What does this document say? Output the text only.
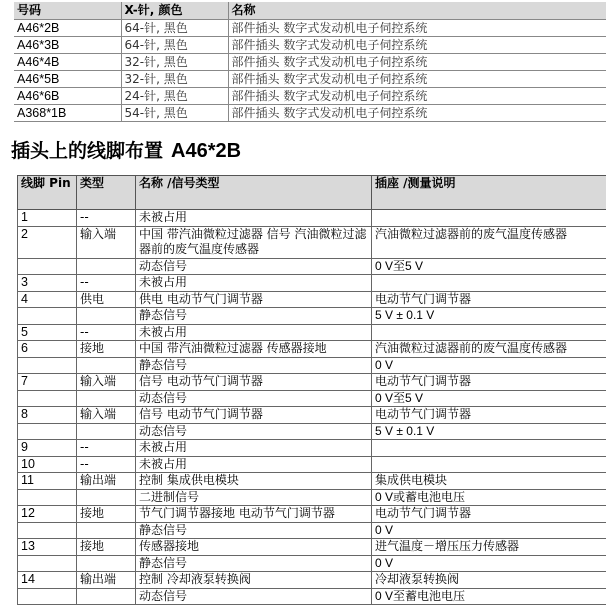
号码	X-针, 颜色	名称
A46*2B	64-针, 黑色	部件插头 数字式发动机电子伺控系统
A46*3B	64-针, 黑色	部件插头 数字式发动机电子伺控系统
A46*4B	32-针, 黑色	部件插头 数字式发动机电子伺控系统
A46*5B	32-针, 黑色	部件插头 数字式发动机电子伺控系统
A46*6B	24-针, 黑色	部件插头 数字式发动机电子伺控系统
A368*1B	54-针, 黑色	部件插头 数字式发动机电子伺控系统
插头上的线脚布置 A46*2B
线脚 Pin	类型	名称 /信号类型	插座 /测量说明
1	--	未被占用	
2	输入端	中国 带汽油微粒过滤器 信号 汽油微粒过滤器前的废气温度传感器	汽油微粒过滤器前的废气温度传感器
		动态信号	0 V至5 V
3	--	未被占用	
4	供电	供电 电动节气门调节器	电动节气门调节器
		静态信号	5 V ± 0.1 V
5	--	未被占用	
6	接地	中国 带汽油微粒过滤器 传感器接地	汽油微粒过滤器前的废气温度传感器
		静态信号	0 V
7	输入端	信号 电动节气门调节器	电动节气门调节器
		动态信号	0 V至5 V
8	输入端	信号 电动节气门调节器	电动节气门调节器
		动态信号	5 V ± 0.1 V
9	--	未被占用	
10	--	未被占用	
11	输出端	控制 集成供电模块	集成供电模块
		二进制信号	0 V或蓄电池电压
12	接地	节气门调节器接地 电动节气门调节器	电动节气门调节器
		静态信号	0 V
13	接地	传感器接地	进气温度－增压压力传感器
		静态信号	0 V
14	输出端	控制 冷却液泵转换阀	冷却液泵转换阀
		动态信号	0 V至蓄电池电压
